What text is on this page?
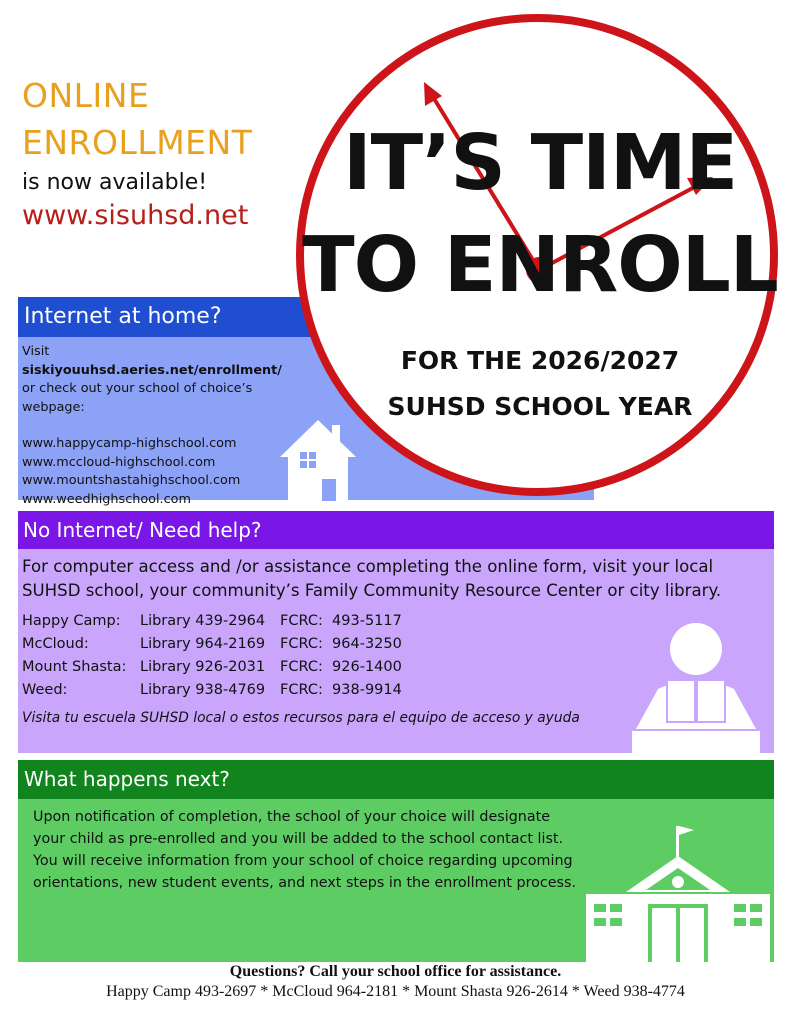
ONLINE
ENROLLMENT
is now available!
www.sisuhsd.net
Internet at home?
Visit siskiyouuhsd.aeries.net/enrollment/
or check out your school of choice’s webpage:
www.happycamp-highschool.com
www.mccloud-highschool.com
www.mountshastahighschool.com
www.weedhighschool.com
IT’S TIME
TO ENROLL
FOR THE 2026/2027
SUHSD SCHOOL YEAR
No Internet/ Need help?
For computer access and /or assistance completing the online form, visit your local SUHSD school, your community’s Family Community Resource Center or city library.
Happy Camp: Library 439-2964 FCRC:  493-5117
McCloud:	Library 964-2169 FCRC:  964-3250
Mount Shasta: Library 926-2031 FCRC:  926-1400
Weed:	Library 938-4769 FCRC:  938-9914
Visita tu escuela SUHSD local o estos recursos para el equipo de acceso y ayuda
What happens next?
Upon notification of completion, the school of your choice will designate your child as pre-enrolled and you will be added to the school contact list. You will receive information from your school of choice regarding upcoming orientations, new student events, and next steps in the enrollment process.
Questions? Call your school office for assistance.
Happy Camp 493-2697 * McCloud 964-2181 * Mount Shasta 926-2614 * Weed 938-4774
